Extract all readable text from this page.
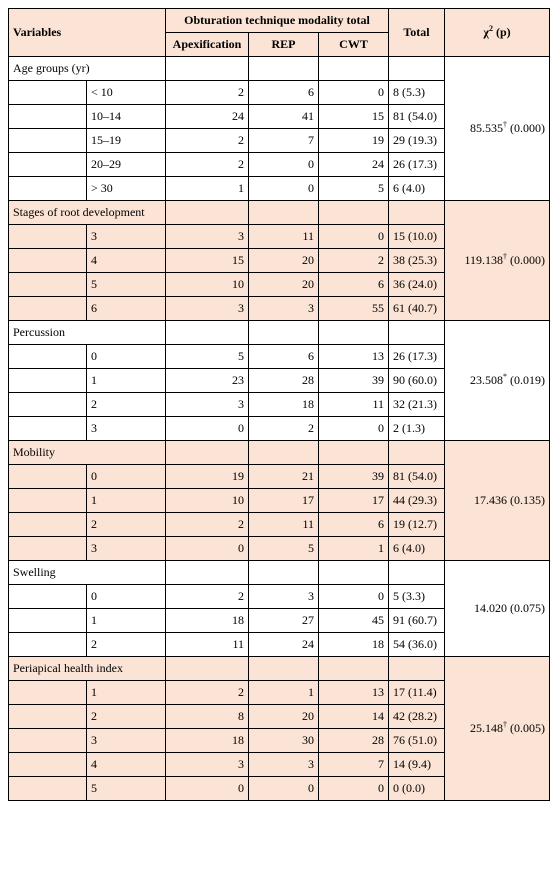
Variables		Obturation technique modality total			Total	$\chi^2$ (p)
		Apexification	REP	CWT		
Age groups (yr)						85.535† (0.000)
	< 10	2	6	0	8 (5.3)	
	10–14	24	41	15	81 (54.0)	
	15–19	2	7	19	29 (19.3)	
	20–29	2	0	24	26 (17.3)	
	> 30	1	0	5	6 (4.0)	
Stages of root development						119.138† (0.000)
	3	3	11	0	15 (10.0)	
	4	15	20	2	38 (25.3)	
	5	10	20	6	36 (24.0)	
	6	3	3	55	61 (40.7)	
Percussion						23.508* (0.019)
	0	5	6	13	26 (17.3)	
	1	23	28	39	90 (60.0)	
	2	3	18	11	32 (21.3)	
	3	0	2	0	2 (1.3)	
Mobility						17.436 (0.135)
	0	19	21	39	81 (54.0)	
	1	10	17	17	44 (29.3)	
	2	2	11	6	19 (12.7)	
	3	0	5	1	6 (4.0)	
Swelling						14.020 (0.075)
	0	2	3	0	5 (3.3)	
	1	18	27	45	91 (60.7)	
	2	11	24	18	54 (36.0)	
Periapical health index						25.148† (0.005)
	1	2	1	13	17 (11.4)	
	2	8	20	14	42 (28.2)	
	3	18	30	28	76 (51.0)	
	4	3	3	7	14 (9.4)	
	5	0	0	0	0 (0.0)	
